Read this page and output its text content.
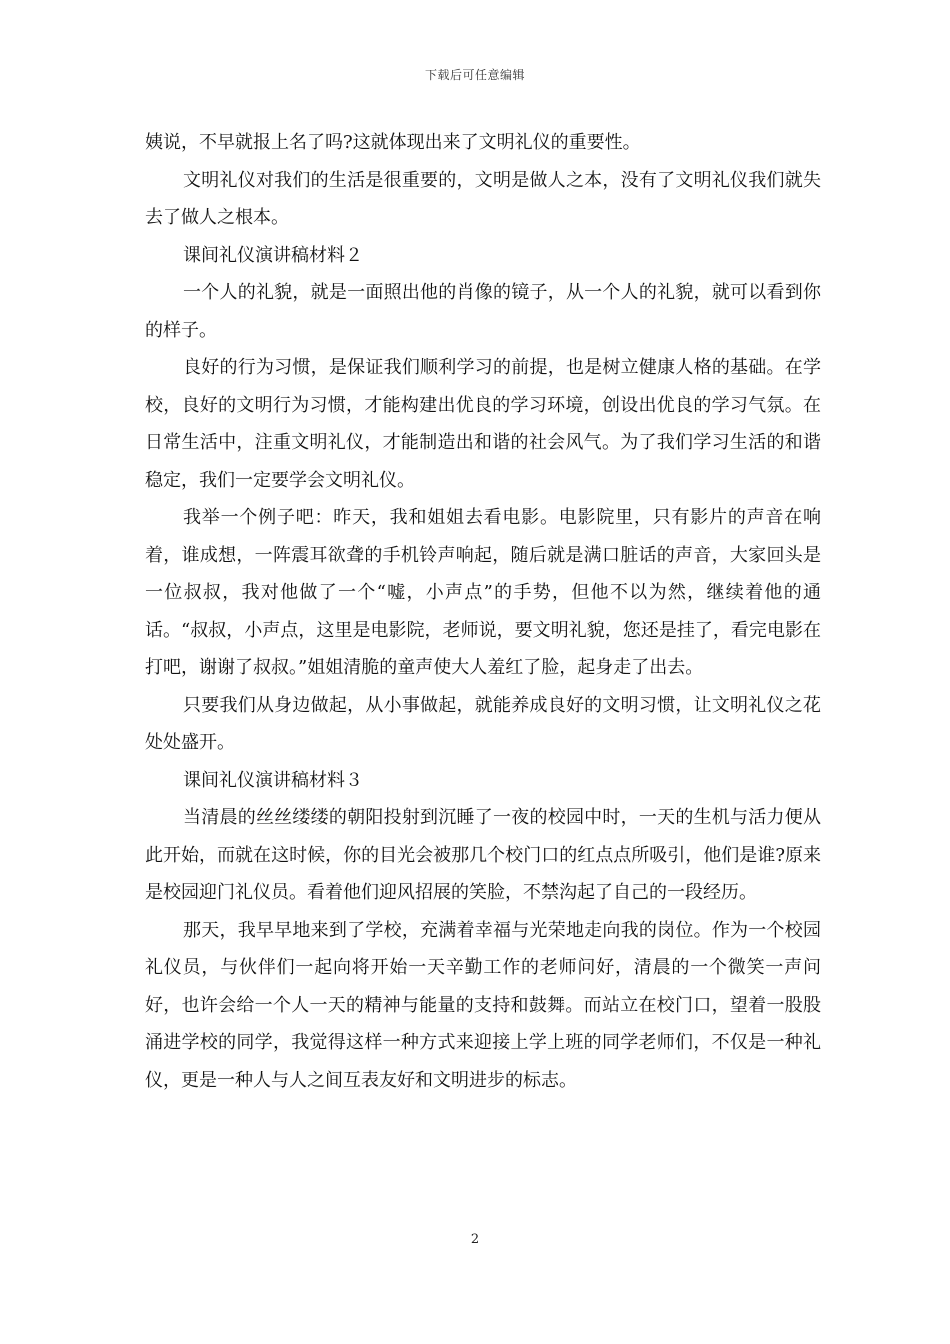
下载后可任意编辑

姨说，不早就报上名了吗?这就体现出来了文明礼仪的重要性。

文明礼仪对我们的生活是很重要的，文明是做人之本，没有了文明礼仪我们就失去了做人之根本。

课间礼仪演讲稿材料２

一个人的礼貌，就是一面照出他的肖像的镜子，从一个人的礼貌，就可以看到你的样子。

良好的行为习惯，是保证我们顺利学习的前提，也是树立健康人格的基础。在学校，良好的文明行为习惯，才能构建出优良的学习环境，创设出优良的学习气氛。在日常生活中，注重文明礼仪，才能制造出和谐的社会风气。为了我们学习生活的和谐稳定，我们一定要学会文明礼仪。

我举一个例子吧：昨天，我和姐姐去看电影。电影院里，只有影片的声音在响着，谁成想，一阵震耳欲聋的手机铃声响起，随后就是满口脏话的声音，大家回头是一位叔叔，我对他做了一个“嘘，小声点”的手势，但他不以为然，继续着他的通话。“叔叔，小声点，这里是电影院，老师说，要文明礼貌，您还是挂了，看完电影在打吧，谢谢了叔叔。”姐姐清脆的童声使大人羞红了脸，起身走了出去。

只要我们从身边做起，从小事做起，就能养成良好的文明习惯，让文明礼仪之花处处盛开。

课间礼仪演讲稿材料３

当清晨的丝丝缕缕的朝阳投射到沉睡了一夜的校园中时，一天的生机与活力便从此开始，而就在这时候，你的目光会被那几个校门口的红点点所吸引，他们是谁?原来是校园迎门礼仪员。看着他们迎风招展的笑脸，不禁沟起了自己的一段经历。

那天，我早早地来到了学校，充满着幸福与光荣地走向我的岗位。作为一个校园礼仪员，与伙伴们一起向将开始一天辛勤工作的老师问好，清晨的一个微笑一声问好，也许会给一个人一天的精神与能量的支持和鼓舞。而站立在校门口，望着一股股涌进学校的同学，我觉得这样一种方式来迎接上学上班的同学老师们，不仅是一种礼仪，更是一种人与人之间互表友好和文明进步的标志。

2
